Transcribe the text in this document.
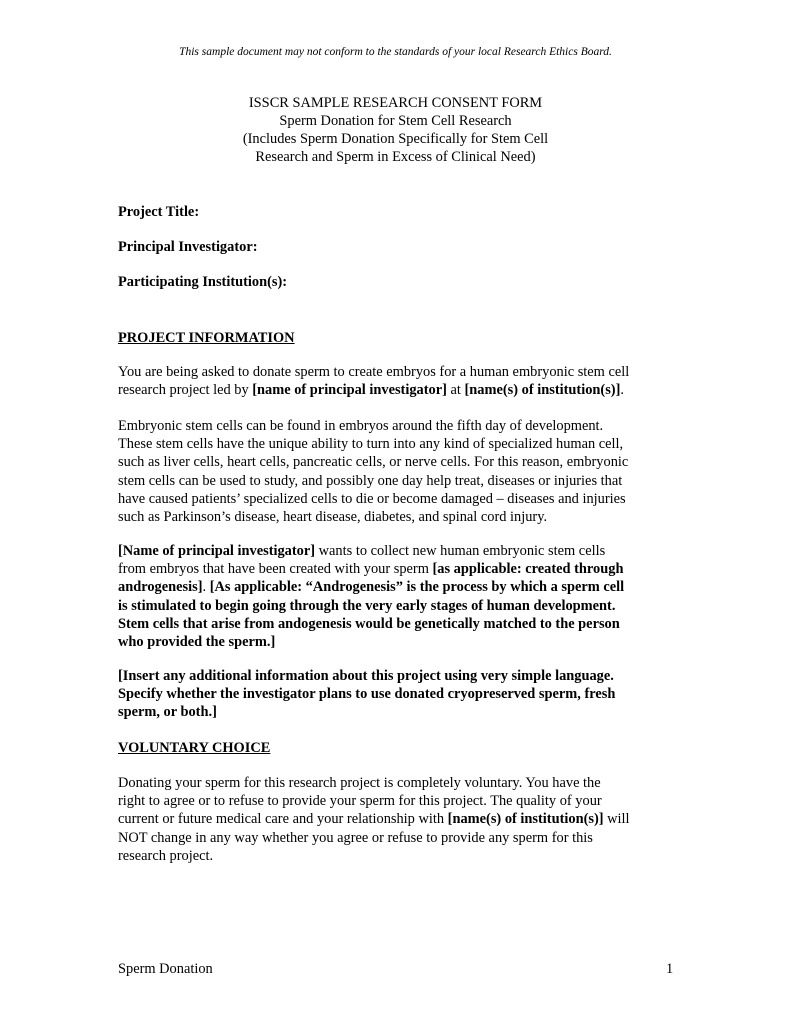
This sample document may not conform to the standards of your local Research Ethics Board.
ISSCR SAMPLE RESEARCH CONSENT FORM
Sperm Donation for Stem Cell Research
(Includes Sperm Donation Specifically for Stem Cell
Research and Sperm in Excess of Clinical Need)
Project Title:
Principal Investigator:
Participating Institution(s):
PROJECT INFORMATION
You are being asked to donate sperm to create embryos for a human embryonic stem cell
research project led by [name of principal investigator] at [name(s) of institution(s)].
Embryonic stem cells can be found in embryos around the fifth day of development.
These stem cells have the unique ability to turn into any kind of specialized human cell,
such as liver cells, heart cells, pancreatic cells, or nerve cells. For this reason, embryonic
stem cells can be used to study, and possibly one day help treat, diseases or injuries that
have caused patients’ specialized cells to die or become damaged – diseases and injuries
such as Parkinson’s disease, heart disease, diabetes, and spinal cord injury.
[Name of principal investigator] wants to collect new human embryonic stem cells
from embryos that have been created with your sperm [as applicable: created through
androgenesis]. [As applicable: “Androgenesis” is the process by which a sperm cell
is stimulated to begin going through the very early stages of human development.
Stem cells that arise from andogenesis would be genetically matched to the person
who provided the sperm.]
[Insert any additional information about this project using very simple language.
Specify whether the investigator plans to use donated cryopreserved sperm, fresh
sperm, or both.]
VOLUNTARY CHOICE
Donating your sperm for this research project is completely voluntary. You have the
right to agree or to refuse to provide your sperm for this project. The quality of your
current or future medical care and your relationship with [name(s) of institution(s)] will
NOT change in any way whether you agree or refuse to provide any sperm for this
research project.
Sperm Donation	1
